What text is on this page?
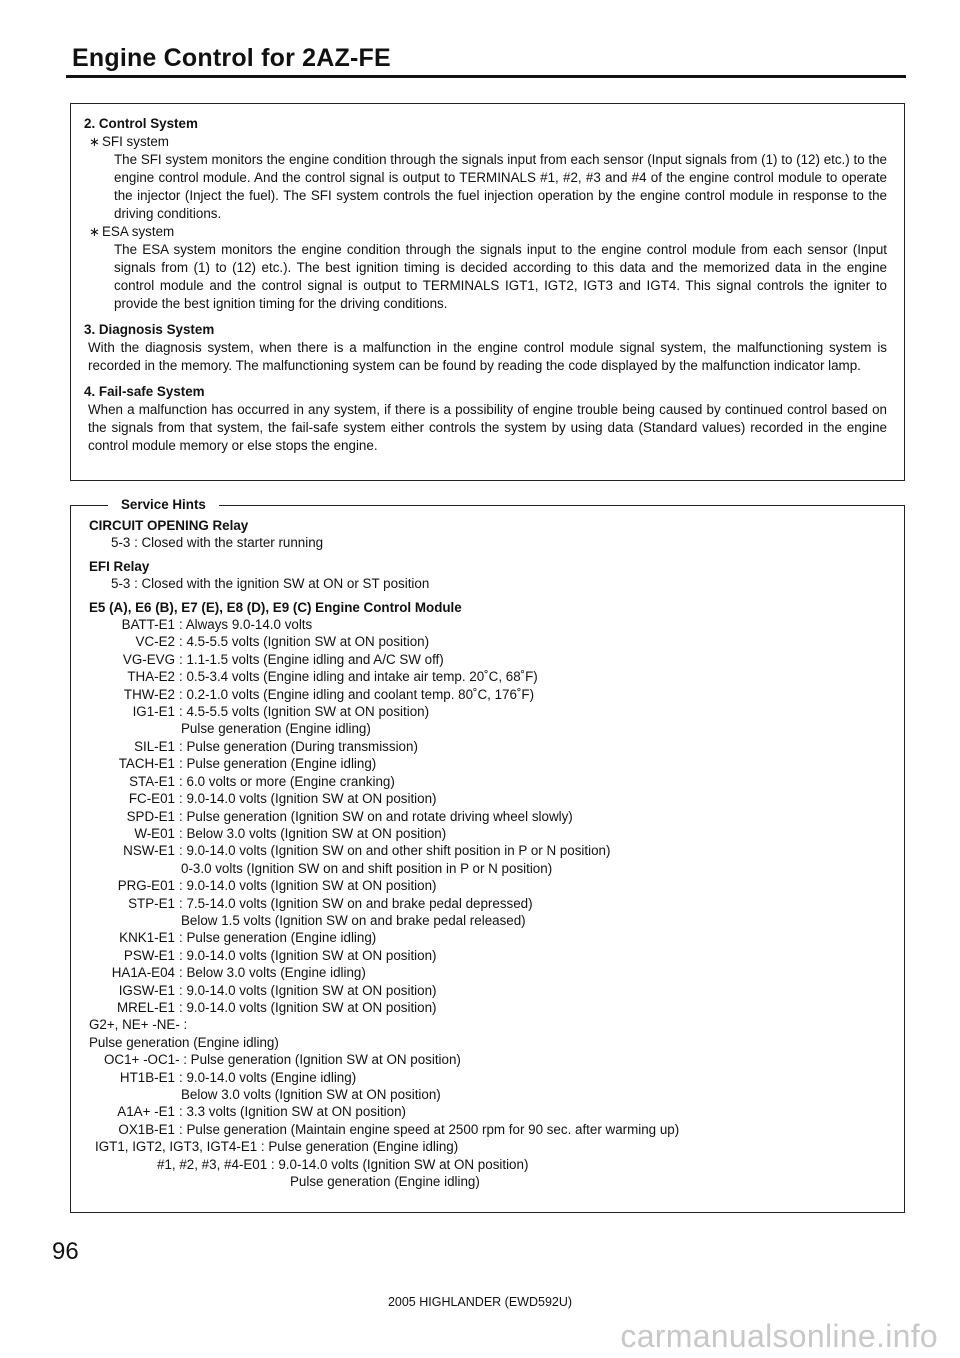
Engine Control for 2AZ-FE
2. Control System
∗ SFI system
The SFI system monitors the engine condition through the signals input from each sensor (Input signals from (1) to (12) etc.) to the engine control module. And the control signal is output to TERMINALS #1, #2, #3 and #4 of the engine control module to operate the injector (Inject the fuel). The SFI system controls the fuel injection operation by the engine control module in response to the driving conditions.
∗ ESA system
The ESA system monitors the engine condition through the signals input to the engine control module from each sensor (Input signals from (1) to (12) etc.). The best ignition timing is decided according to this data and the memorized data in the engine control module and the control signal is output to TERMINALS IGT1, IGT2, IGT3 and IGT4. This signal controls the igniter to provide the best ignition timing for the driving conditions.
3. Diagnosis System
With the diagnosis system, when there is a malfunction in the engine control module signal system, the malfunctioning system is recorded in the memory. The malfunctioning system can be found by reading the code displayed by the malfunction indicator lamp.
4. Fail-safe System
When a malfunction has occurred in any system, if there is a possibility of engine trouble being caused by continued control based on the signals from that system, the fail-safe system either controls the system by using data (Standard values) recorded in the engine control module memory or else stops the engine.
CIRCUIT OPENING Relay
5-3 : Closed with the starter running
EFI Relay
5-3 : Closed with the ignition SW at ON or ST position
E5 (A), E6 (B), E7 (E), E8 (D), E9 (C) Engine Control Module
BATT-E1 : Always 9.0-14.0 volts
VC-E2 : 4.5-5.5 volts (Ignition SW at ON position)
VG-EVG : 1.1-1.5 volts (Engine idling and A/C SW off)
THA-E2 : 0.5-3.4 volts (Engine idling and intake air temp. 20˚C, 68˚F)
THW-E2 : 0.2-1.0 volts (Engine idling and coolant temp. 80˚C, 176˚F)
IG1-E1 : 4.5-5.5 volts (Ignition SW at ON position)
Pulse generation (Engine idling)
SIL-E1 : Pulse generation (During transmission)
TACH-E1 : Pulse generation (Engine idling)
STA-E1 : 6.0 volts or more (Engine cranking)
FC-E01 : 9.0-14.0 volts (Ignition SW at ON position)
SPD-E1 : Pulse generation (Ignition SW on and rotate driving wheel slowly)
W-E01 : Below 3.0 volts (Ignition SW at ON position)
NSW-E1 : 9.0-14.0 volts (Ignition SW on and other shift position in P or N position)
0-3.0 volts (Ignition SW on and shift position in P or N position)
PRG-E01 : 9.0-14.0 volts (Ignition SW at ON position)
STP-E1 : 7.5-14.0 volts (Ignition SW on and brake pedal depressed)
Below 1.5 volts (Ignition SW on and brake pedal released)
KNK1-E1 : Pulse generation (Engine idling)
PSW-E1 : 9.0-14.0 volts (Ignition SW at ON position)
HA1A-E04 : Below 3.0 volts (Engine idling)
IGSW-E1 : 9.0-14.0 volts (Ignition SW at ON position)
MREL-E1 : 9.0-14.0 volts (Ignition SW at ON position)
G2+, NE+ -NE- :
Pulse generation (Engine idling)
OC1+ -OC1- : Pulse generation (Ignition SW at ON position)
HT1B-E1 : 9.0-14.0 volts (Engine idling)
Below 3.0 volts (Ignition SW at ON position)
A1A+ -E1 : 3.3 volts (Ignition SW at ON position)
OX1B-E1 : Pulse generation (Maintain engine speed at 2500 rpm for 90 sec. after warming up)
IGT1, IGT2, IGT3, IGT4-E1 : Pulse generation (Engine idling)
#1, #2, #3, #4-E01 : 9.0-14.0 volts (Ignition SW at ON position)
Pulse generation (Engine idling)
Service Hints
96
2005 HIGHLANDER (EWD592U)
carmanualsonline.info
